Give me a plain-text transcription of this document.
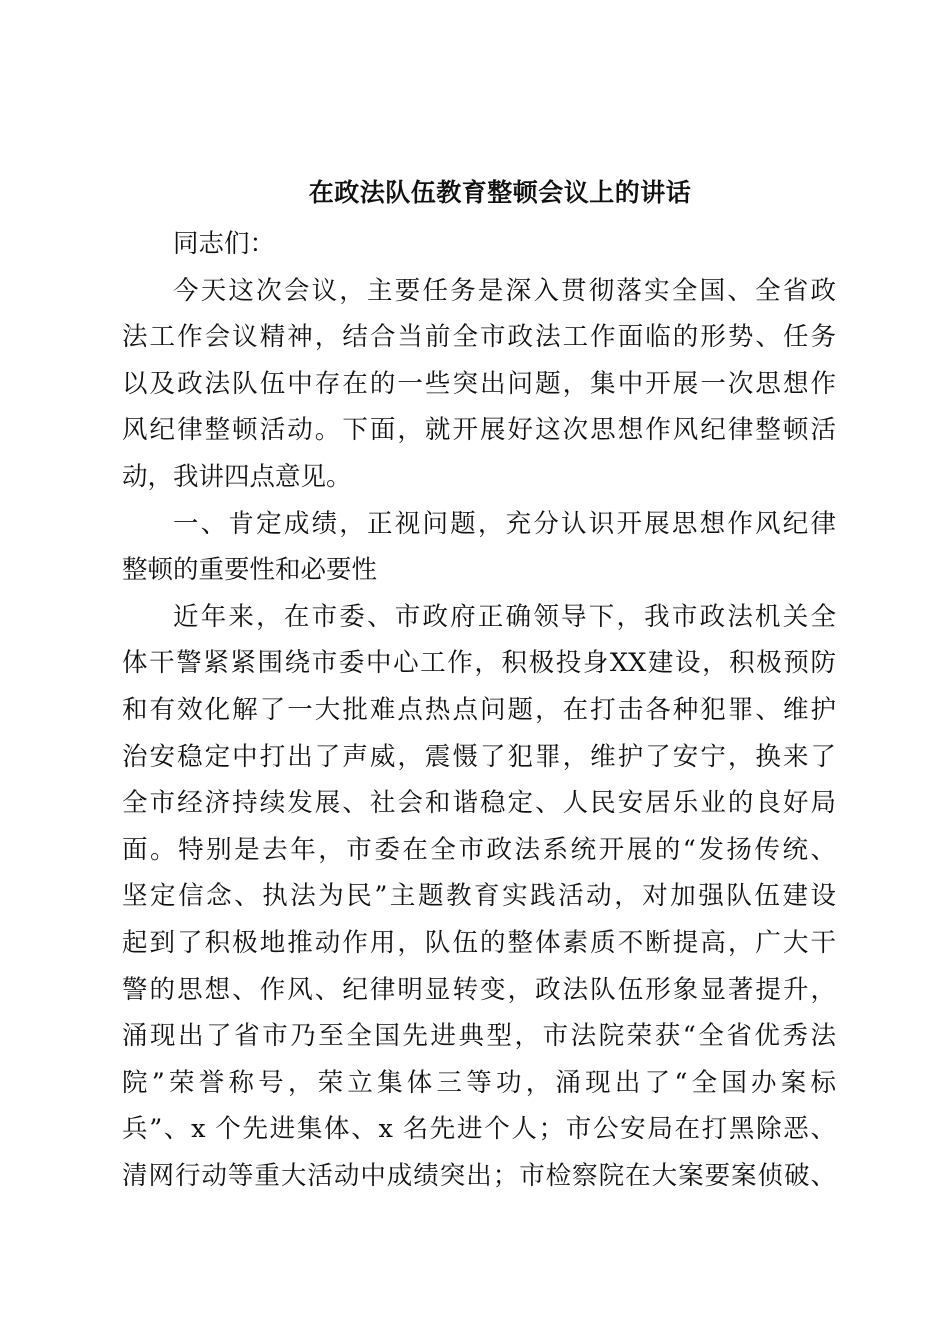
在政法队伍教育整顿会议上的讲话
同志们：
今天这次会议，主要任务是深入贯彻落实全国、全省政
法工作会议精神，结合当前全市政法工作面临的形势、任务
以及政法队伍中存在的一些突出问题，集中开展一次思想作
风纪律整顿活动。下面，就开展好这次思想作风纪律整顿活
动，我讲四点意见。
一、肯定成绩，正视问题，充分认识开展思想作风纪律
整顿的重要性和必要性
近年来，在市委、市政府正确领导下，我市政法机关全
体干警紧紧围绕市委中心工作，积极投身XX建设，积极预防
和有效化解了一大批难点热点问题，在打击各种犯罪、维护
治安稳定中打出了声威，震慑了犯罪，维护了安宁，换来了
全市经济持续发展、社会和谐稳定、人民安居乐业的良好局
面。特别是去年，市委在全市政法系统开展的“发扬传统、
坚定信念、执法为民”主题教育实践活动，对加强队伍建设
起到了积极地推动作用，队伍的整体素质不断提高，广大干
警的思想、作风、纪律明显转变，政法队伍形象显著提升，
涌现出了省市乃至全国先进典型，市法院荣获“全省优秀法
院”荣誉称号，荣立集体三等功，涌现出了“全国办案标
兵”、x 个先进集体、x 名先进个人；市公安局在打黑除恶、
清网行动等重大活动中成绩突出；市检察院在大案要案侦破、
